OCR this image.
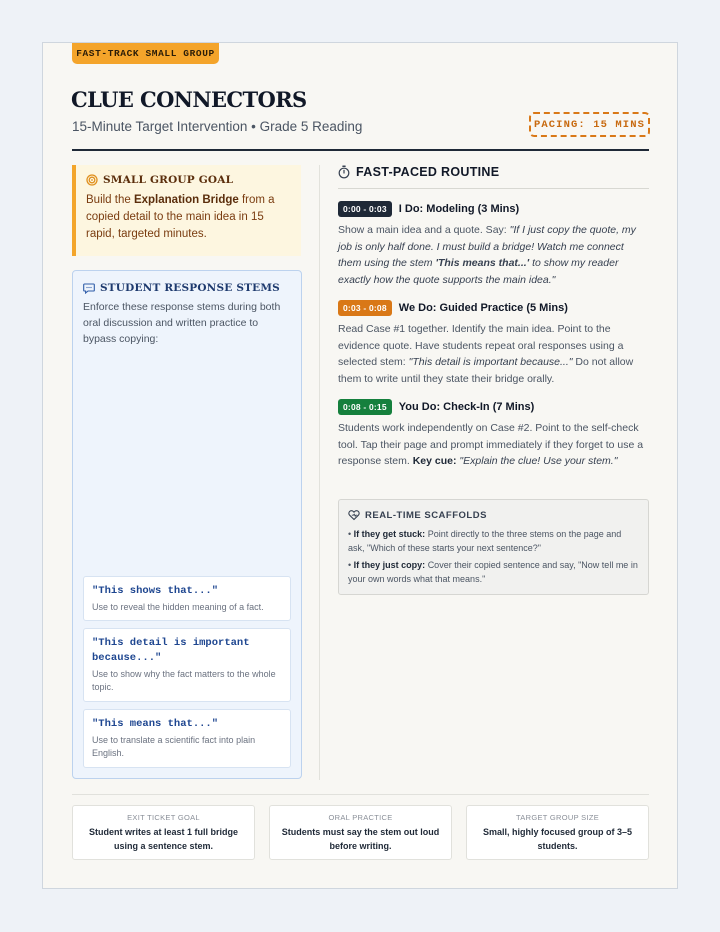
FAST-TRACK SMALL GROUP
CLUE CONNECTORS
15-Minute Target Intervention • Grade 5 Reading	PACING: 15 MINS
SMALL GROUP GOAL
Build the Explanation Bridge from a copied detail to the main idea in 15 rapid, targeted minutes.
STUDENT RESPONSE STEMS
Enforce these response stems during both oral discussion and written practice to bypass copying:
"This shows that..."
Use to reveal the hidden meaning of a fact.
"This detail is important because..."
Use to show why the fact matters to the whole topic.
"This means that..."
Use to translate a scientific fact into plain English.
FAST-PACED ROUTINE
0:00 - 0:03	I Do: Modeling (3 Mins)
Show a main idea and a quote. Say: "If I just copy the quote, my job is only half done. I must build a bridge! Watch me connect them using the stem 'This means that...' to show my reader exactly how the quote supports the main idea."
0:03 - 0:08	We Do: Guided Practice (5 Mins)
Read Case #1 together. Identify the main idea. Point to the evidence quote. Have students repeat oral responses using a selected stem: "This detail is important because..." Do not allow them to write until they state their bridge orally.
0:08 - 0:15	You Do: Check-In (7 Mins)
Students work independently on Case #2. Point to the self-check tool. Tap their page and prompt immediately if they forget to use a response stem. Key cue: "Explain the clue! Use your stem."
REAL-TIME SCAFFOLDS
• If they get stuck: Point directly to the three stems on the page and ask, "Which of these starts your next sentence?"
• If they just copy: Cover their copied sentence and say, "Now tell me in your own words what that means."
EXIT TICKET GOAL
Student writes at least 1 full bridge using a sentence stem.
ORAL PRACTICE
Students must say the stem out loud before writing.
TARGET GROUP SIZE
Small, highly focused group of 3–5 students.
